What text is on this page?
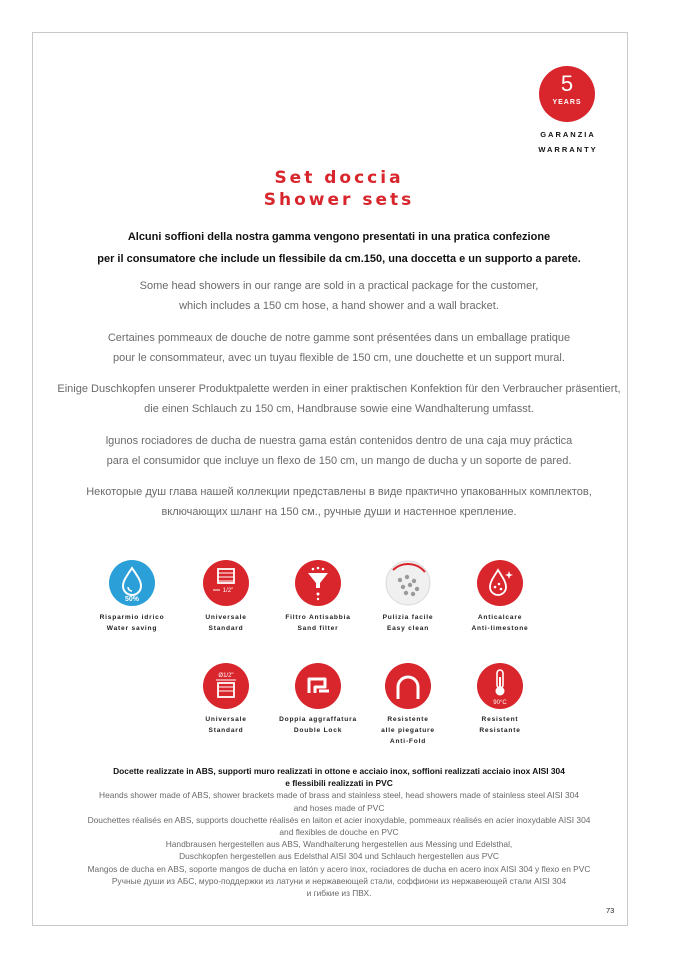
5
YEARS
GARANZIA
WARRANTY
Set doccia
Shower sets
Alcuni soffioni della nostra gamma vengono presentati in una pratica confezione
per il consumatore che include un flessibile da cm.150, una doccetta e un supporto a parete.
Some head showers in our range are sold in a practical package for the customer,
which includes a 150 cm hose, a hand shower and a wall bracket.
Certaines pommeaux de douche de notre gamme sont présentées dans un emballage pratique
pour le consommateur, avec un tuyau flexible de 150 cm, une douchette et un support mural.
Einige Duschkopfen unserer Produktpalette werden in einer praktischen Konfektion für den Verbraucher präsentiert,
die einen Schlauch zu 150 cm, Handbrause sowie eine Wandhalterung umfasst.
lgunos rociadores de ducha de nuestra gama están contenidos dentro de una caja muy práctica
para el consumidor que incluye un flexo de 150 cm, un mango de ducha y un soporte de pared.
Некоторые душ глава нашей коллекции представлены в виде практично упакованных комплектов,
включающих шланг на 150 см., ручные души и настенное крепление.
50%
1/2"
Risparmio idrico
Water saving
Universale
Standard
Filtro Antisabbia
Sand filter
Pulizia facile
Easy clean
Anticalcare
Anti-limestone
Ø1/2"
90°C
Universale
Standard
Doppia aggraffatura
Double Lock
Resistente
alle piegature
Anti-Fold
Resistent
Resistante
Docette realizzate in ABS, supporti muro realizzati in ottone e acciaio inox, soffioni realizzati acciaio inox AISI 304
e flessibili realizzati in PVC
Heands shower made of ABS, shower brackets made of brass and stainless steel, head showers made of stainless steel AISI 304
and hoses made of PVC
Douchettes réalisés en ABS, supports douchette réalisés en laiton et acier inoxydable, pommeaux réalisés en acier inoxydable AISI 304
and flexibles de douche en PVC
Handbrausen hergestellen aus ABS, Wandhalterung hergestellen aus Messing und Edelsthal,
Duschkopfen hergestellen aus Edelsthal AISI 304 und Schlauch hergestellen aus PVC
Mangos de ducha en ABS, soporte mangos de ducha en latón y acero inox, rociadores de ducha en acero inox AISI 304 y flexo en PVC
Ручные души из АБС, муро-поддержки из латуни и нержавеющей стали, соффиони из нержавеющей стали AISI 304
и гибкие из ПВХ.
73
